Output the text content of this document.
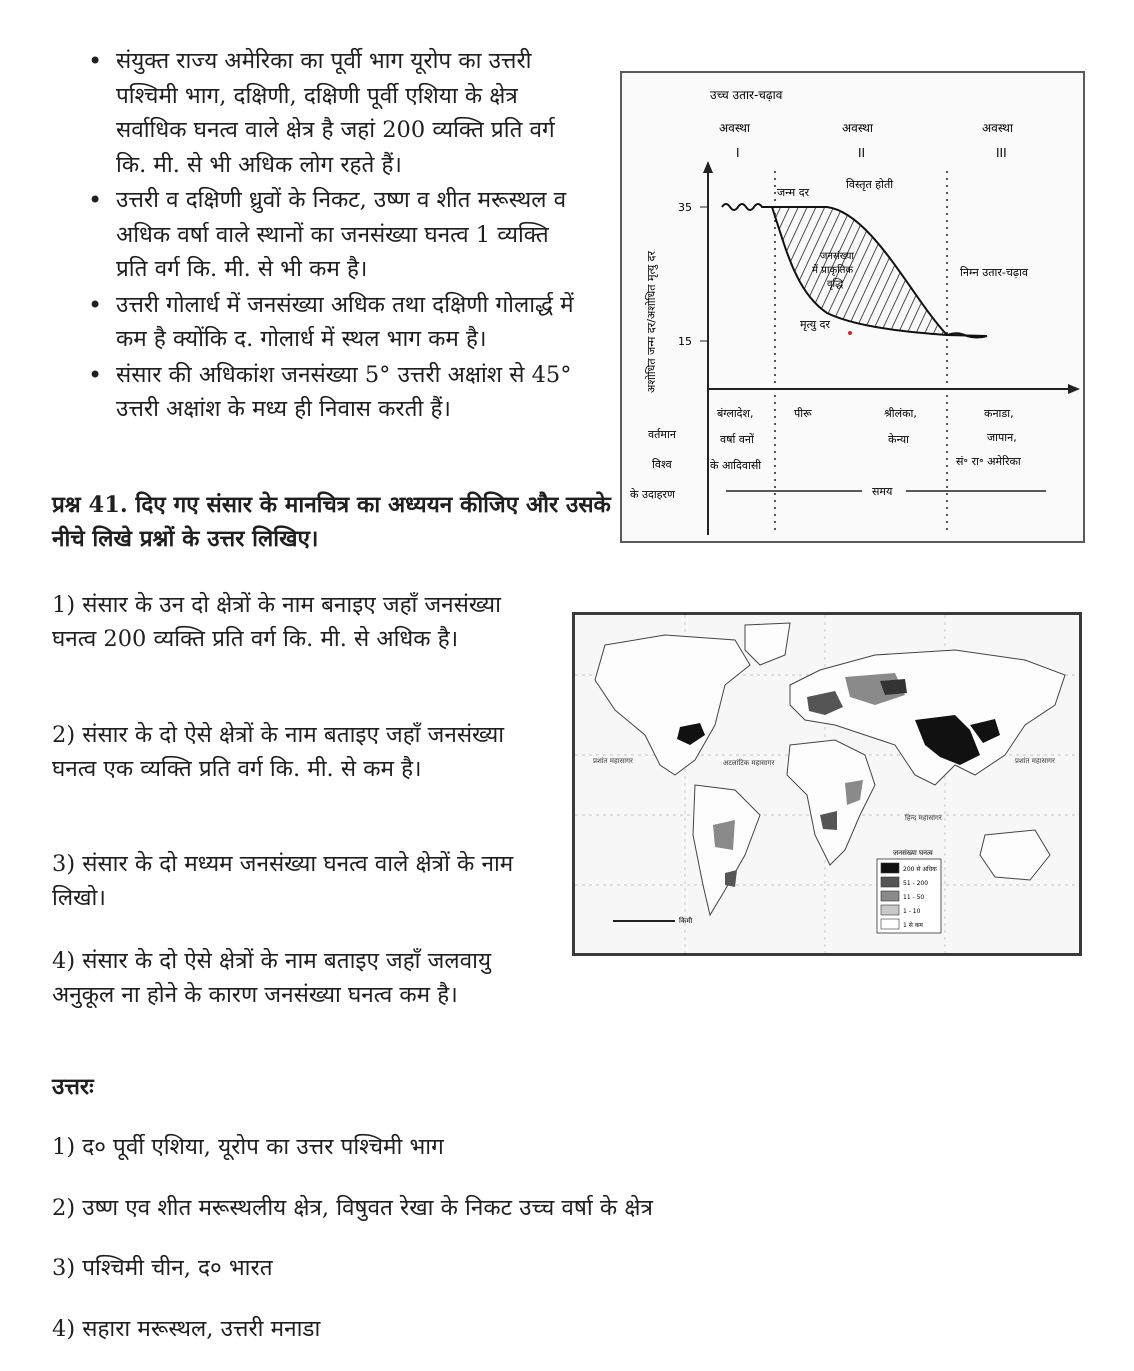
• संयुक्त राज्य अमेरिका का पूर्वी भाग यूरोप का उत्तरी पश्चिमी भाग, दक्षिणी, दक्षिणी पूर्वी एशिया के क्षेत्र सर्वाधिक घनत्व वाले क्षेत्र है जहां 200 व्यक्ति प्रति वर्ग कि. मी. से भी अधिक लोग रहते हैं।
• उत्तरी व दक्षिणी ध्रुवों के निकट, उष्ण व शीत मरूस्थल व अधिक वर्षा वाले स्थानों का जनसंख्या घनत्व 1 व्यक्ति प्रति वर्ग कि. मी. से भी कम है।
• उत्तरी गोलार्ध में जनसंख्या अधिक तथा दक्षिणी गोलार्द्ध में कम है क्योंकि द. गोलार्ध में स्थल भाग कम है।
• संसार की अधिकांश जनसंख्या 5° उत्तरी अक्षांश से 45° उत्तरी अक्षांश के मध्य ही निवास करती हैं।
उच्च उतार-चढ़ाव
अवस्था
I
अवस्था
II
अवस्था
III
अशोधित जन्म दर/अशोधित मृत्यु दर
35
15
जन्म दर
विस्तृत होती
जनसंख्या
में प्राकृतिक
वृद्धि
मृत्यु दर
निम्न उतार-चढ़ाव
वर्तमान
विश्व
के उदाहरण
बंग्लादेश,
वर्षा वनों
के आदिवासी
पीरू	श्रीलंका,
केन्या
कनाडा,
जापान,
सं॰ रा॰ अमेरिका
समय
प्रश्न 41. दिए गए संसार के मानचित्र का अध्ययन कीजिए और उसके नीचे लिखे प्रश्नों के उत्तर लिखिए।
प्रशांत महासागर	अटलांटिक महासागर
हिन्द महासागर
प्रशांत महासागर
किमी
जनसंख्या घनत्व
200 से अधिक
51 - 200
11 - 50
1 - 10
1 से कम
1) संसार के उन दो क्षेत्रों के नाम बनाइए जहाँ जनसंख्या घनत्व 200 व्यक्ति प्रति वर्ग कि. मी. से अधिक है।
2) संसार के दो ऐसे क्षेत्रों के नाम बताइए जहाँ जनसंख्या घनत्व एक व्यक्ति प्रति वर्ग कि. मी. से कम है।
3) संसार के दो मध्यम जनसंख्या घनत्व वाले क्षेत्रों के नाम लिखो।
4) संसार के दो ऐसे क्षेत्रों के नाम बताइए जहाँ जलवायु अनुकूल ना होने के कारण जनसंख्या घनत्व कम है।
उत्तरः
1) द० पूर्वी एशिया, यूरोप का उत्तर पश्चिमी भाग
2) उष्ण एव शीत मरूस्थलीय क्षेत्र, विषुवत रेखा के निकट उच्च वर्षा के क्षेत्र
3) पश्चिमी चीन, द० भारत
4) सहारा मरूस्थल, उत्तरी मनाडा
